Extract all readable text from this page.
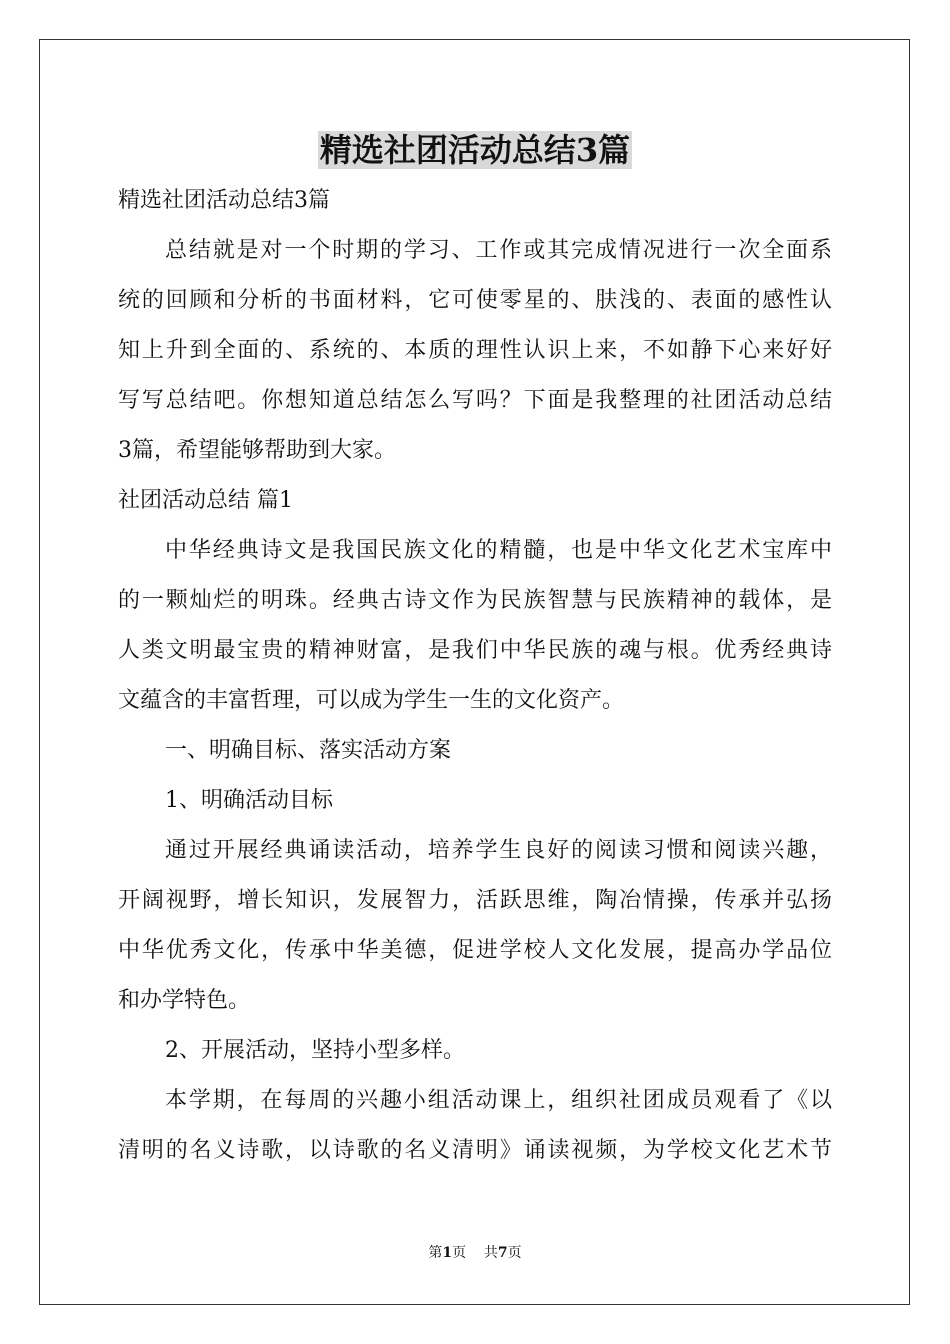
精选社团活动总结3篇

精选社团活动总结3篇

总结就是对一个时期的学习、工作或其完成情况进行一次全面系

统的回顾和分析的书面材料，它可使零星的、肤浅的、表面的感性认

知上升到全面的、系统的、本质的理性认识上来，不如静下心来好好

写写总结吧。你想知道总结怎么写吗？下面是我整理的社团活动总结

3篇，希望能够帮助到大家。

社团活动总结 篇1

中华经典诗文是我国民族文化的精髓，也是中华文化艺术宝库中

的一颗灿烂的明珠。经典古诗文作为民族智慧与民族精神的载体，是

人类文明最宝贵的精神财富，是我们中华民族的魂与根。优秀经典诗

文蕴含的丰富哲理，可以成为学生一生的文化资产。

一、明确目标、落实活动方案

1、明确活动目标

通过开展经典诵读活动，培养学生良好的阅读习惯和阅读兴趣，

开阔视野，增长知识，发展智力，活跃思维，陶冶情操，传承并弘扬

中华优秀文化，传承中华美德，促进学校人文化发展，提高办学品位

和办学特色。

2、开展活动，坚持小型多样。

本学期，在每周的兴趣小组活动课上，组织社团成员观看了《以

清明的名义诗歌，以诗歌的名义清明》诵读视频，为学校文化艺术节

第1页    共7页
